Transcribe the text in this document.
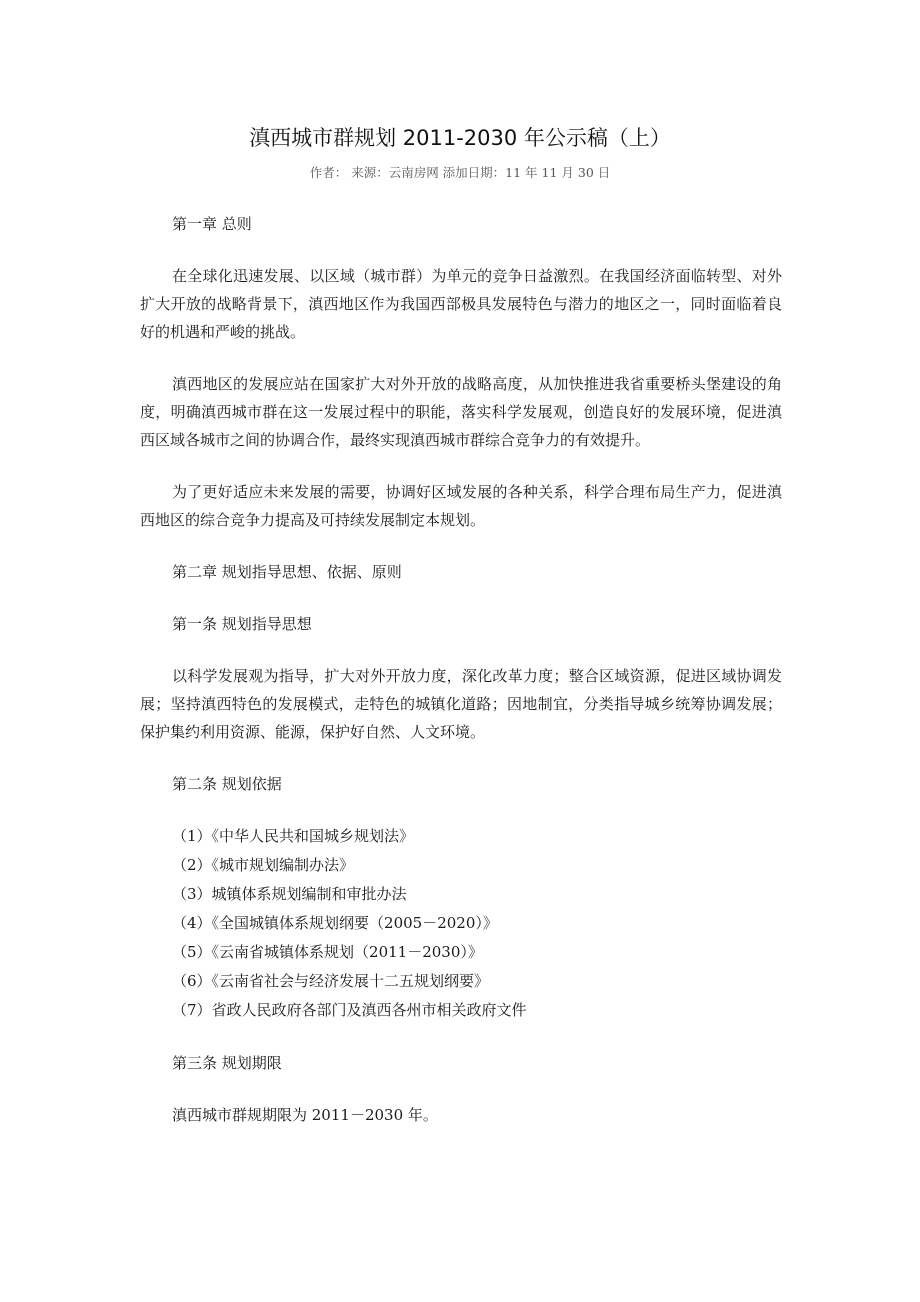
滇西城市群规划 2011-2030 年公示稿（上）
作者： 来源：云南房网 添加日期：11 年 11 月 30 日

第一章 总则

在全球化迅速发展、以区域（城市群）为单元的竞争日益激烈。在我国经济面临转型、对外扩大开放的战略背景下，滇西地区作为我国西部极具发展特色与潜力的地区之一，同时面临着良好的机遇和严峻的挑战。

滇西地区的发展应站在国家扩大对外开放的战略高度，从加快推进我省重要桥头堡建设的角度，明确滇西城市群在这一发展过程中的职能，落实科学发展观，创造良好的发展环境，促进滇西区域各城市之间的协调合作，最终实现滇西城市群综合竞争力的有效提升。

为了更好适应未来发展的需要，协调好区域发展的各种关系，科学合理布局生产力，促进滇西地区的综合竞争力提高及可持续发展制定本规划。

第二章 规划指导思想、依据、原则

第一条 规划指导思想

以科学发展观为指导，扩大对外开放力度，深化改革力度；整合区域资源，促进区域协调发展；坚持滇西特色的发展模式，走特色的城镇化道路；因地制宜，分类指导城乡统筹协调发展；保护集约利用资源、能源，保护好自然、人文环境。

第二条 规划依据

（1）《中华人民共和国城乡规划法》
（2）《城市规划编制办法》
（3）城镇体系规划编制和审批办法
（4）《全国城镇体系规划纲要（2005－2020）》
（5）《云南省城镇体系规划（2011－2030）》
（6）《云南省社会与经济发展十二五规划纲要》
（7）省政人民政府各部门及滇西各州市相关政府文件

第三条 规划期限

滇西城市群规期限为 2011－2030 年。
